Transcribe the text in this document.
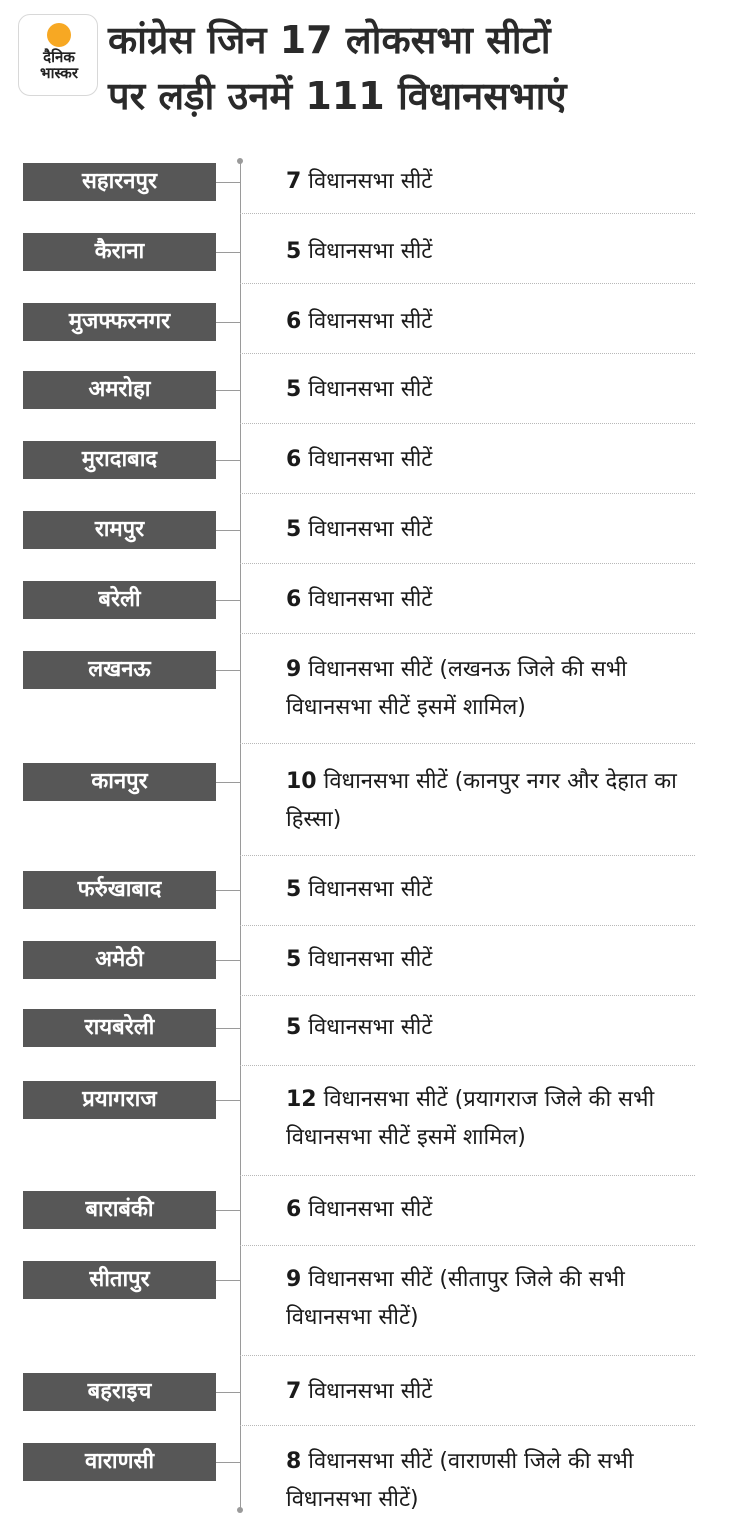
दैनिक
भास्कर
कांग्रेस जिन 17 लोकसभा सीटों
पर लड़ी उनमें 111 विधानसभाएं
सहारनपुर	7 विधानसभा सीटें
कैराना	5 विधानसभा सीटें
मुजफ्फरनगर	6 विधानसभा सीटें
अमरोहा	5 विधानसभा सीटें
मुरादाबाद	6 विधानसभा सीटें
रामपुर	5 विधानसभा सीटें
बरेली	6 विधानसभा सीटें
लखनऊ	9 विधानसभा सीटें (लखनऊ जिले की सभी विधानसभा सीटें इसमें शामिल)
कानपुर	10 विधानसभा सीटें (कानपुर नगर और देहात का हिस्सा)
फर्रुखाबाद	5 विधानसभा सीटें
अमेठी	5 विधानसभा सीटें
रायबरेली	5 विधानसभा सीटें
प्रयागराज	12 विधानसभा सीटें (प्रयागराज जिले की सभी विधानसभा सीटें इसमें शामिल)
बाराबंकी	6 विधानसभा सीटें
सीतापुर	9 विधानसभा सीटें (सीतापुर जिले की सभी विधानसभा सीटें)
बहराइच	7 विधानसभा सीटें
वाराणसी	8 विधानसभा सीटें (वाराणसी जिले की सभी विधानसभा सीटें)
